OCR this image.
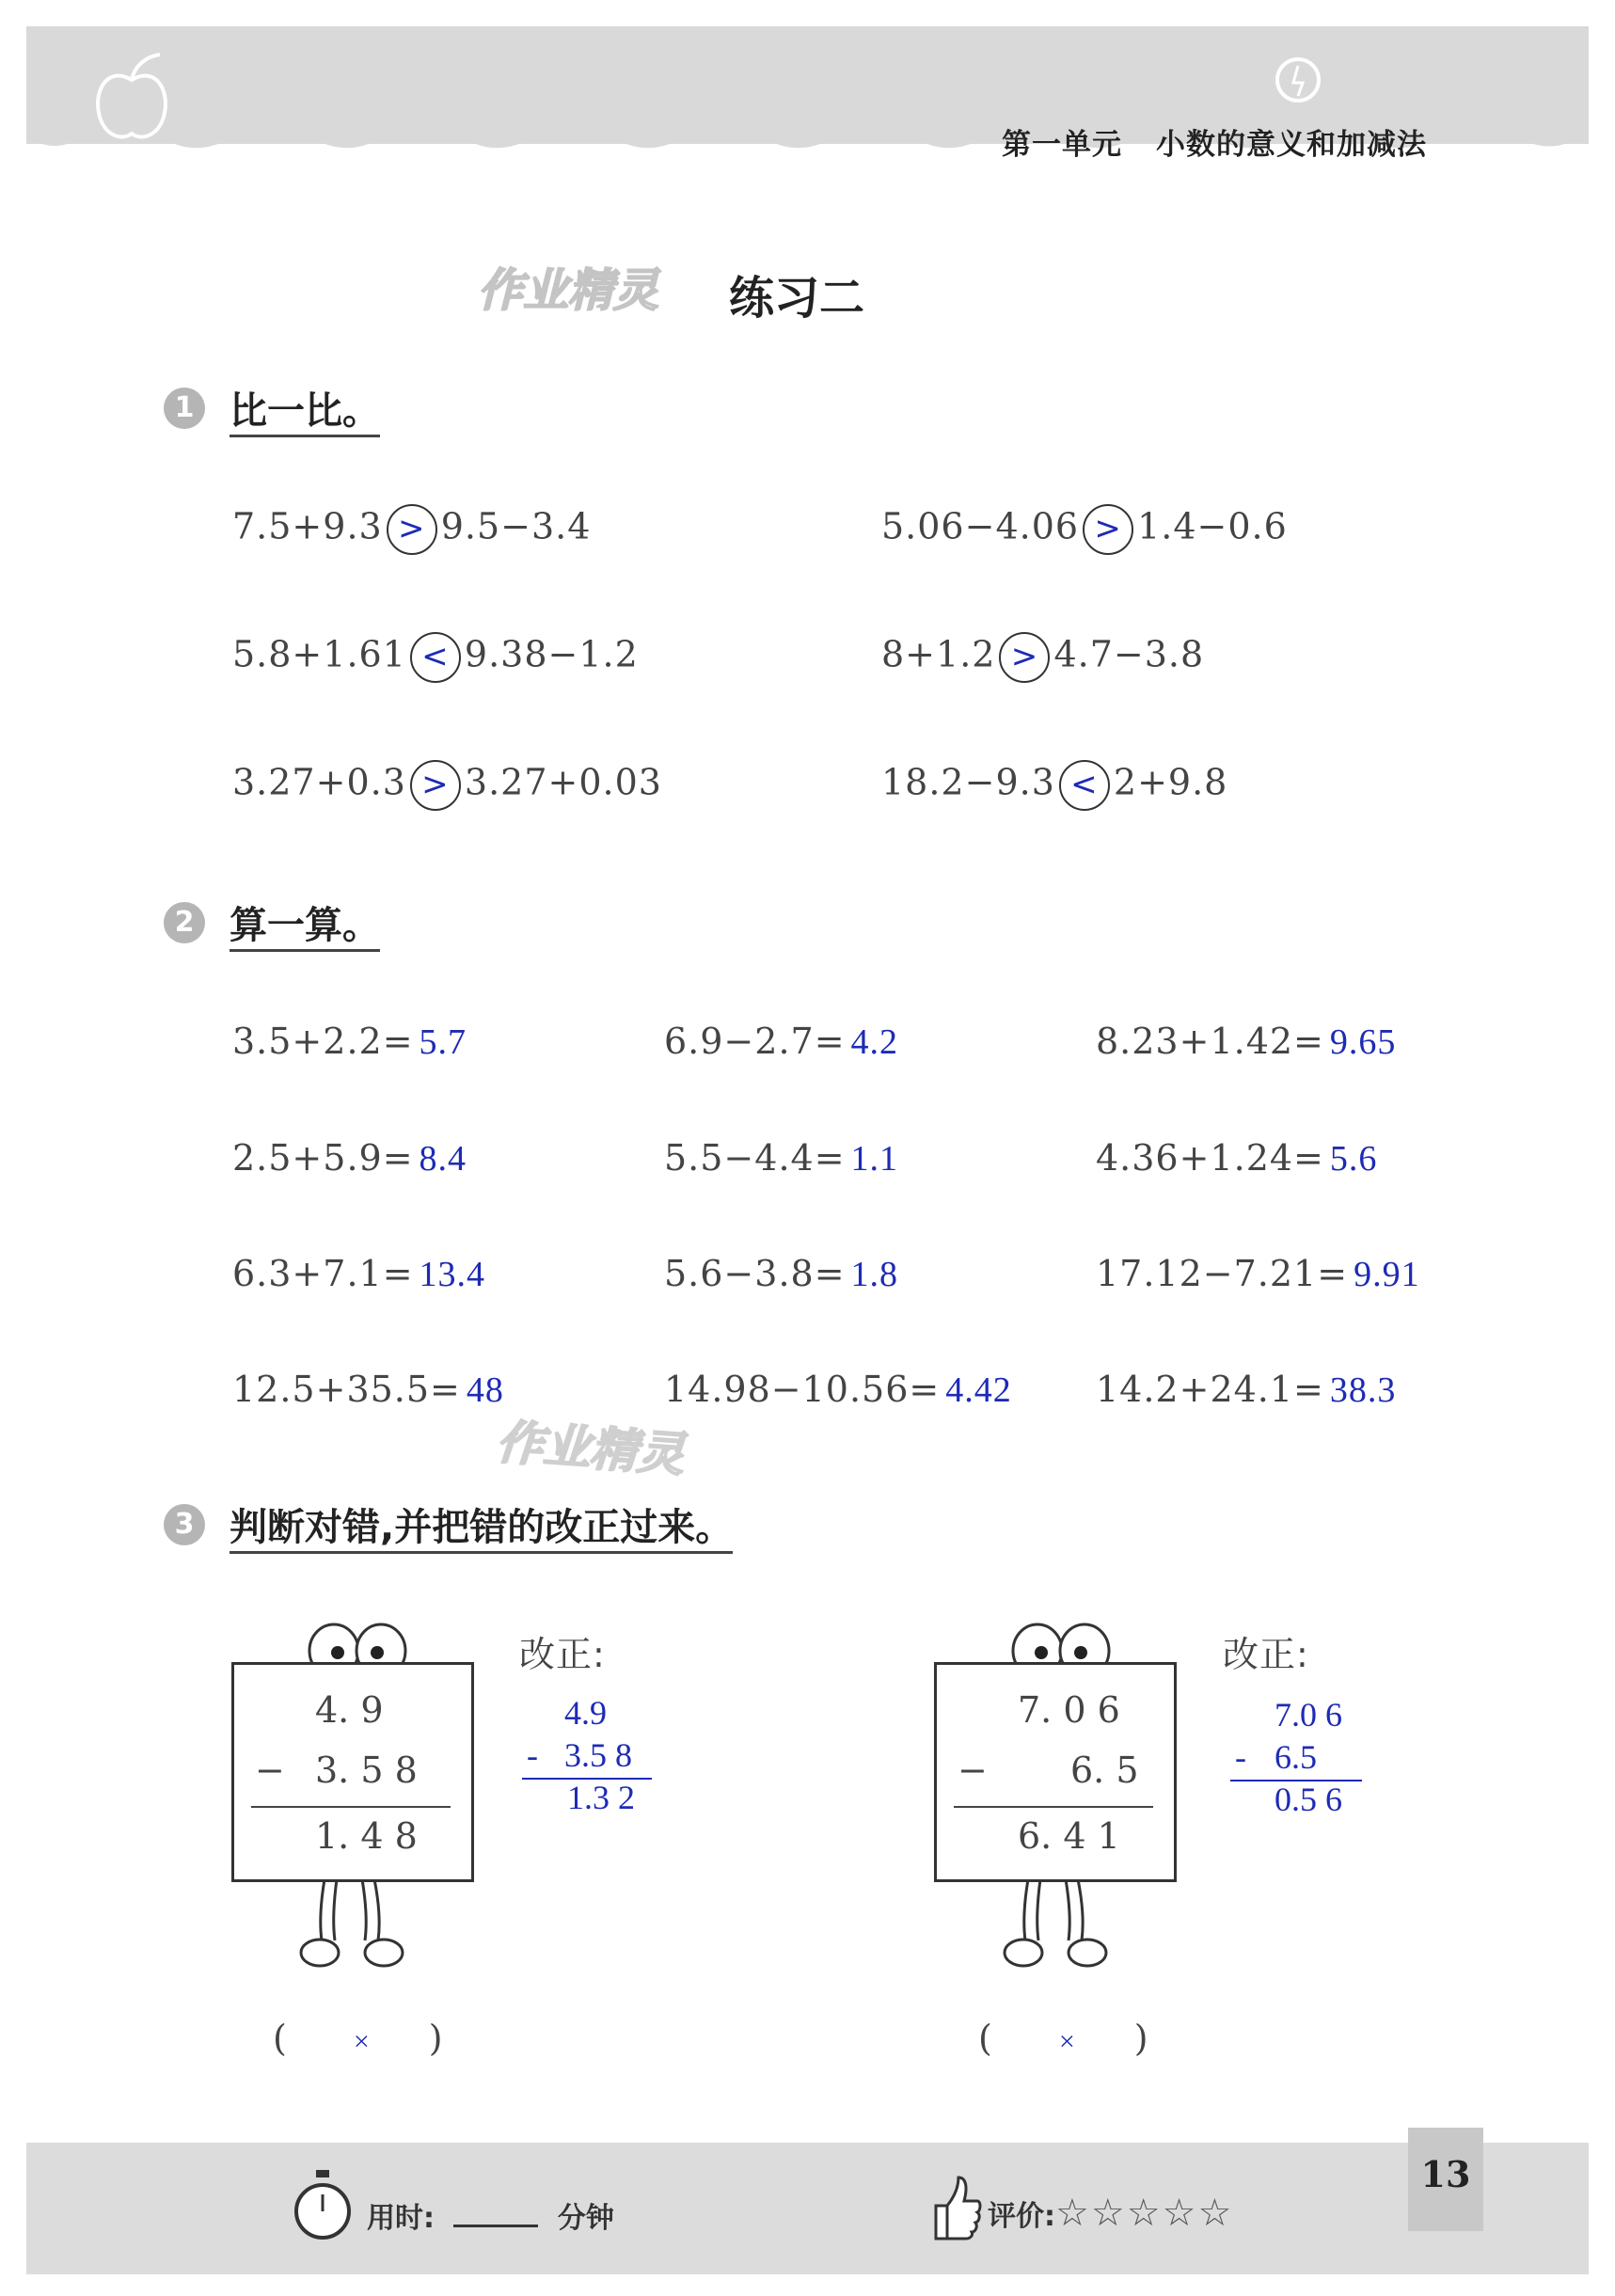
第一单元 小数的意义和加减法
作业精灵 练习二
1 比一比。
7.5+9.3 > 9.5−3.4	5.06−4.06 > 1.4−0.6
5.8+1.61 < 9.38−1.2	8+1.2 > 4.7−3.8
3.27+0.3 > 3.27+0.03	18.2−9.3 < 2+9.8
2 算一算。
3.5+2.2= 5.7	6.9−2.7= 4.2	8.23+1.42= 9.65
2.5+5.9= 8.4	5.5−4.4= 1.1	4.36+1.24= 5.6
6.3+7.1= 13.4	5.6−3.8= 1.8	17.12−7.21= 9.91
12.5+35.5= 48	14.98−10.56= 4.42 14.2+24.1= 38.3
作业精灵
3 判断对错,并把错的改正过来。
4. 9
− 3. 5 8
1. 4 8
改正:
4.9
- 3.5 8
1.3 2
( × )
7. 0 6
− 6. 5
6. 4 1
改正:
7.0 6
- 6.5
0.5 6
( × )
用时:	分钟	评价:☆☆☆☆☆
13
